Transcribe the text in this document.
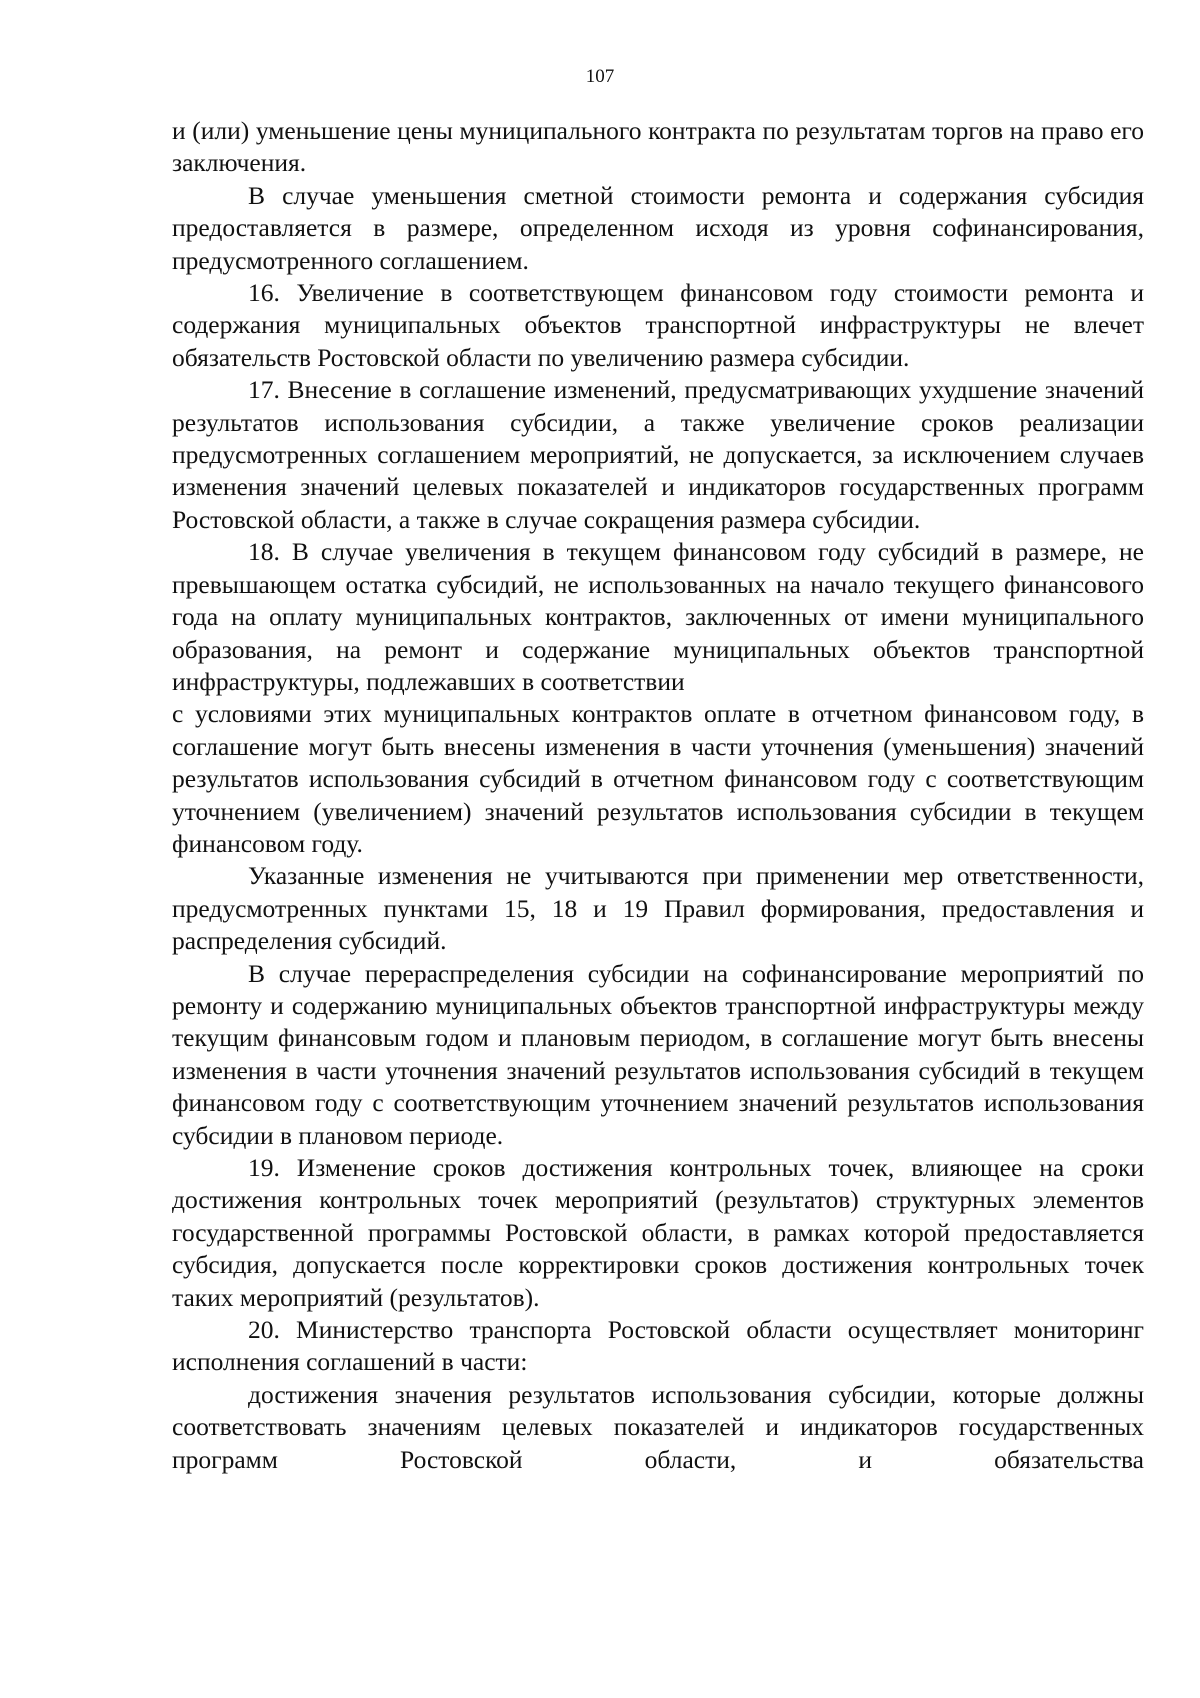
107

и (или) уменьшение цены муниципального контракта по результатам торгов на право его заключения.

В случае уменьшения сметной стоимости ремонта и содержания субсидия предоставляется в размере, определенном исходя из уровня софинансирования, предусмотренного соглашением.

16. Увеличение в соответствующем финансовом году стоимости ремонта и содержания муниципальных объектов транспортной инфраструктуры не влечет обязательств Ростовской области по увеличению размера субсидии.

17. Внесение в соглашение изменений, предусматривающих ухудшение значений результатов использования субсидии, а также увеличение сроков реализации предусмотренных соглашением мероприятий, не допускается, за исключением случаев изменения значений целевых показателей и индикаторов государственных программ Ростовской области, а также в случае сокращения размера субсидии.

18. В случае увеличения в текущем финансовом году субсидий в размере, не превышающем остатка субсидий, не использованных на начало текущего финансового года на оплату муниципальных контрактов, заключенных от имени муниципального образования, на ремонт и содержание муниципальных объектов транспортной инфраструктуры, подлежавших в соответствии

с условиями этих муниципальных контрактов оплате в отчетном финансовом году, в соглашение могут быть внесены изменения в части уточнения (уменьшения) значений результатов использования субсидий в отчетном финансовом году с соответствующим уточнением (увеличением) значений результатов использования субсидии в текущем финансовом году.

Указанные изменения не учитываются при применении мер ответственности, предусмотренных пунктами 15, 18 и 19 Правил формирования, предоставления и распределения субсидий.

В случае перераспределения субсидии на софинансирование мероприятий по ремонту и содержанию муниципальных объектов транспортной инфраструктуры между текущим финансовым годом и плановым периодом, в соглашение могут быть внесены изменения в части уточнения значений результатов использования субсидий в текущем финансовом году с соответствующим уточнением значений результатов использования субсидии в плановом периоде.

19. Изменение сроков достижения контрольных точек, влияющее на сроки достижения контрольных точек мероприятий (результатов) структурных элементов государственной программы Ростовской области, в рамках которой предоставляется субсидия, допускается после корректировки сроков достижения контрольных точек таких мероприятий (результатов).

20. Министерство транспорта Ростовской области осуществляет мониторинг исполнения соглашений в части:

достижения значения результатов использования субсидии, которые должны соответствовать значениям целевых показателей и индикаторов государственных программ Ростовской области, и обязательства
